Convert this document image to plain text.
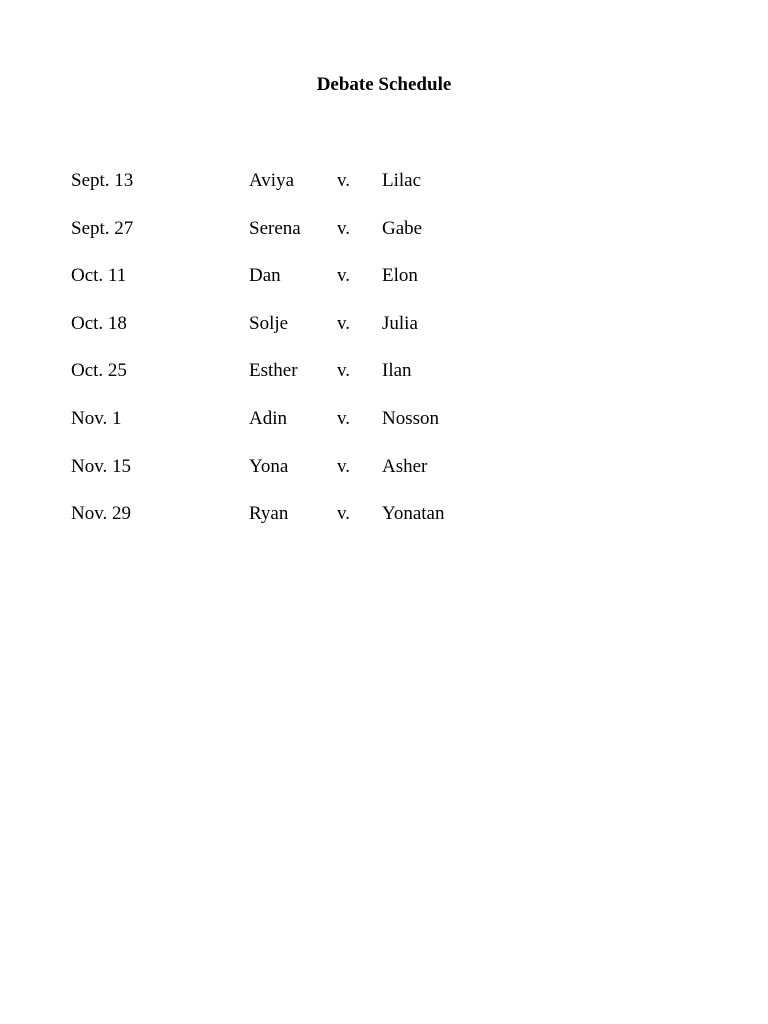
Debate Schedule
Sept. 13	Aviya v. Lilac
Sept. 27	Serena v. Gabe
Oct. 11	Dan	v. Elon
Oct. 18	Solje	v. Julia
Oct. 25	Esther v. Ilan
Nov. 1	Adin	v. Nosson
Nov. 15	Yona	v. Asher
Nov. 29	Ryan	v. Yonatan
